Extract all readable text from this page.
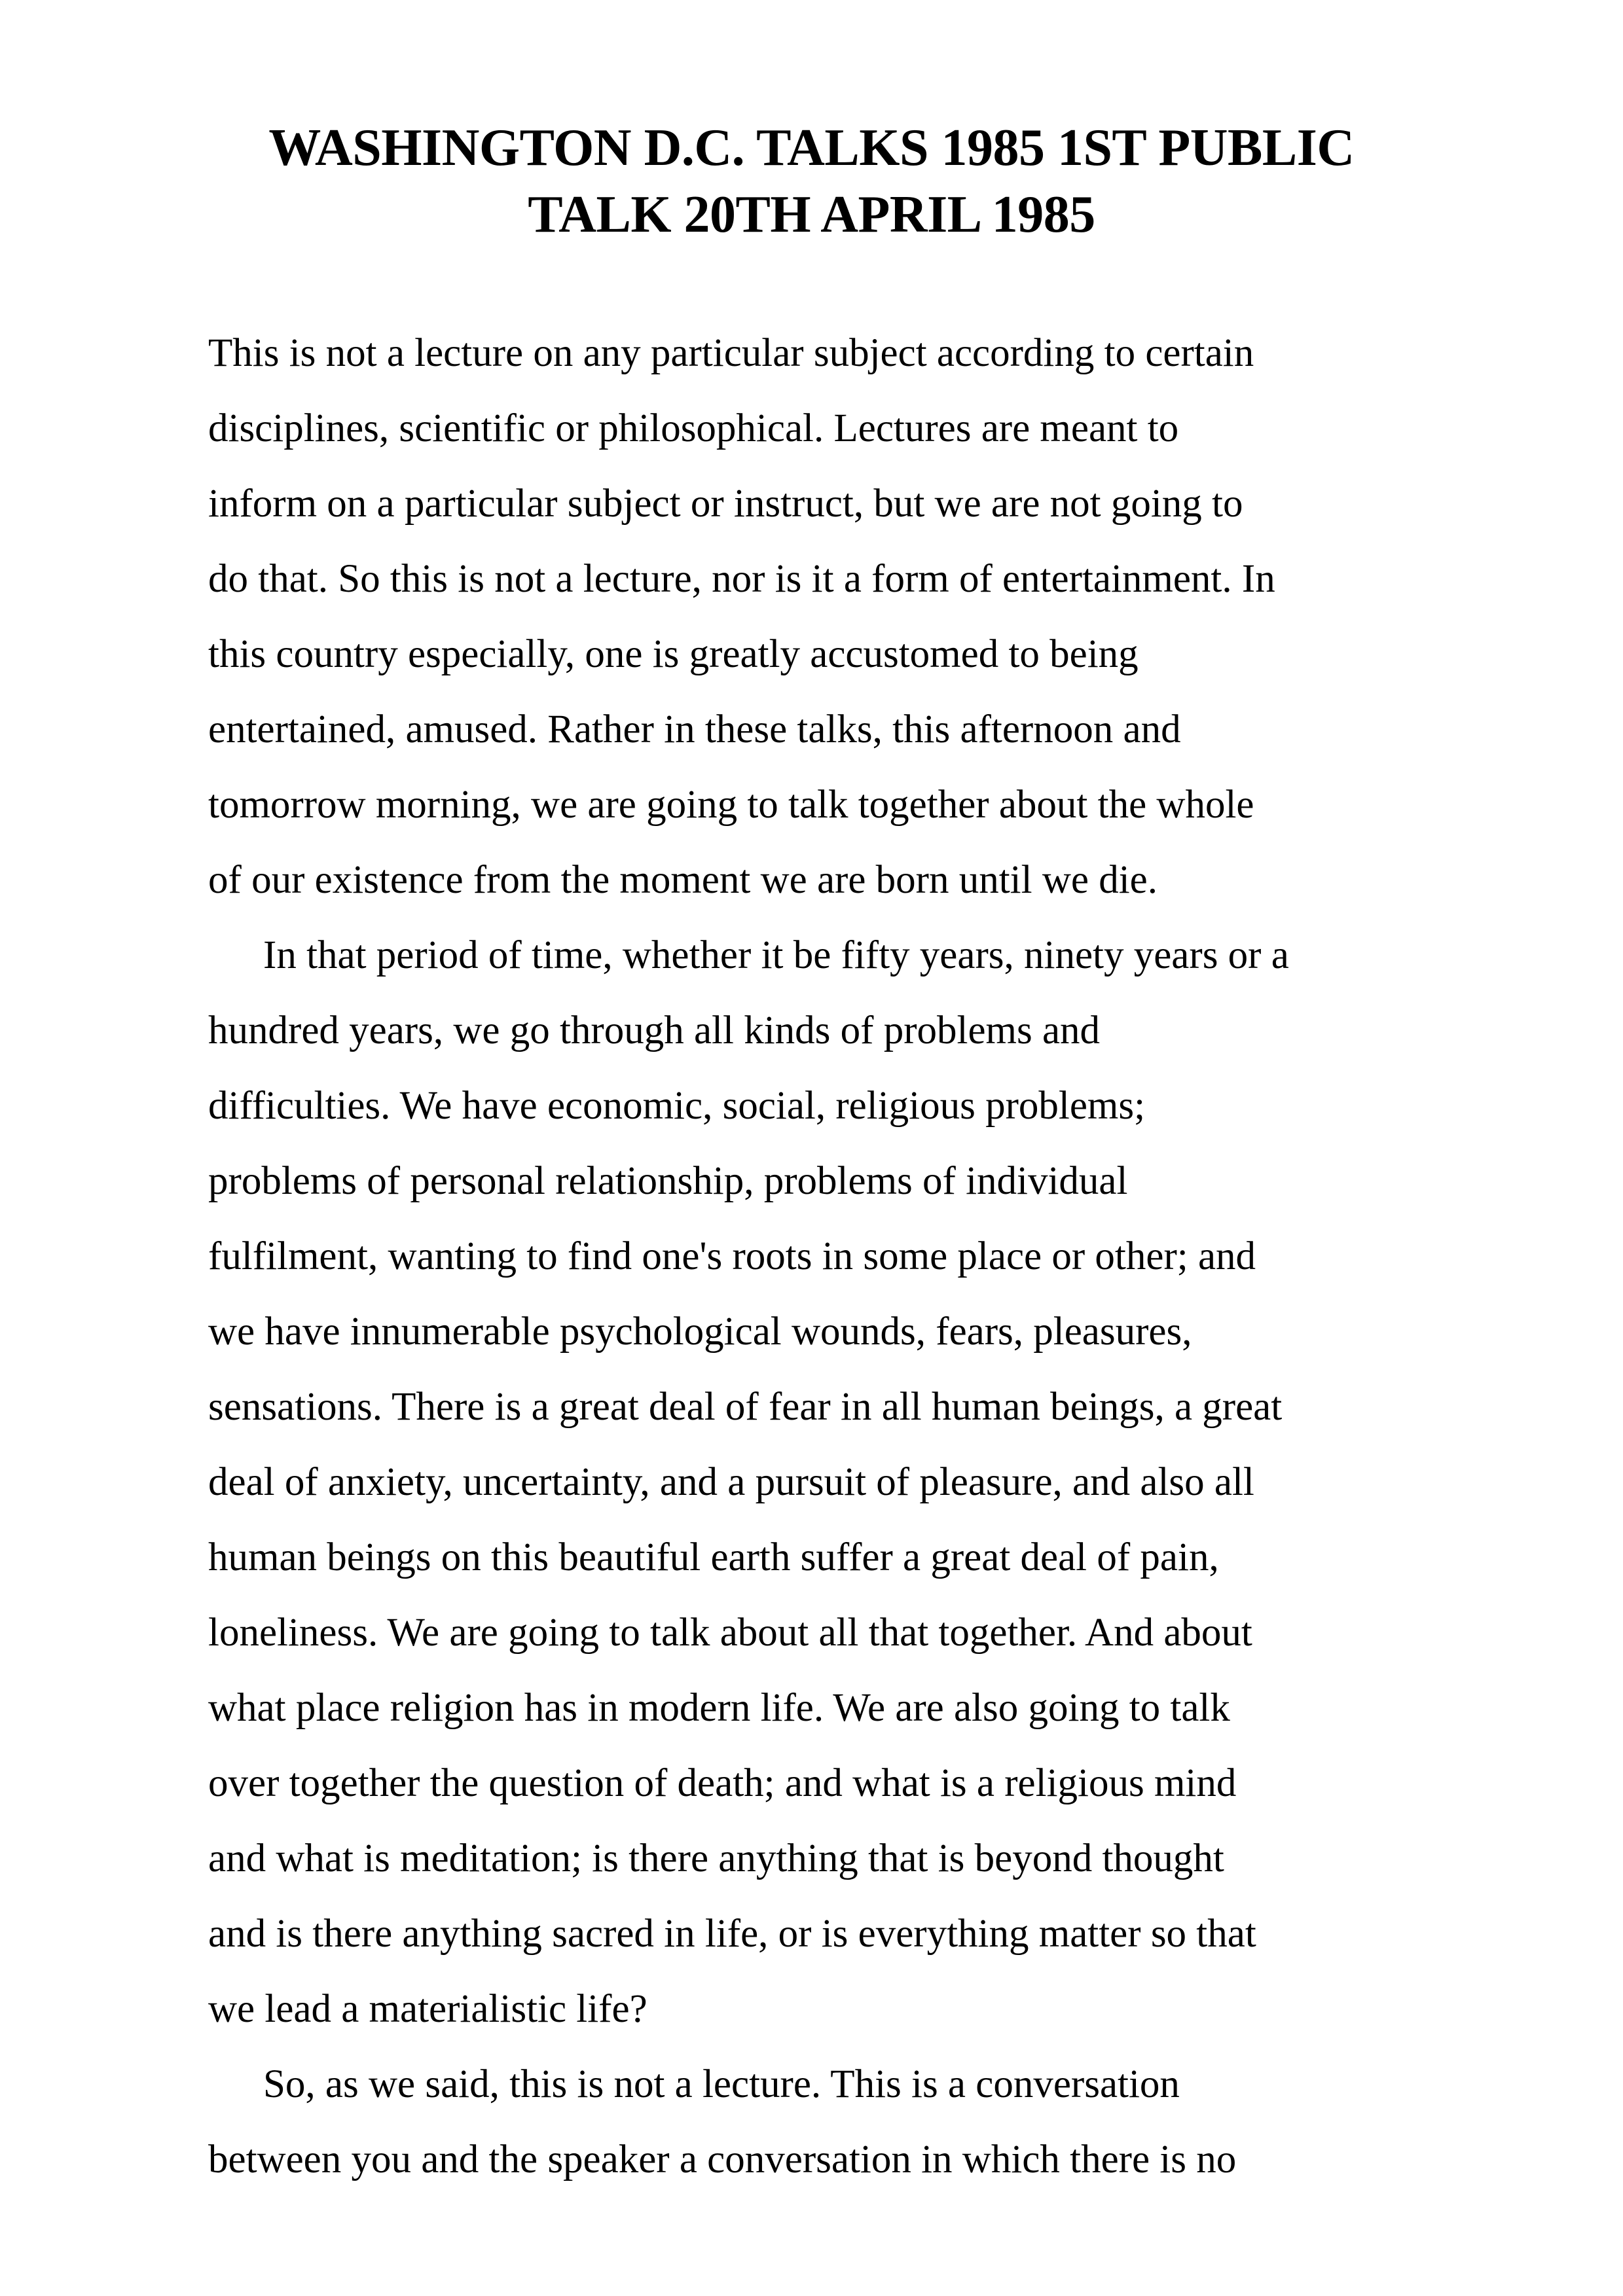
WASHINGTON D.C. TALKS 1985 1ST PUBLIC
TALK 20TH APRIL 1985
This is not a lecture on any particular subject according to certain
disciplines, scientific or philosophical. Lectures are meant to
inform on a particular subject or instruct, but we are not going to
do that. So this is not a lecture, nor is it a form of entertainment. In
this country especially, one is greatly accustomed to being
entertained, amused. Rather in these talks, this afternoon and
tomorrow morning, we are going to talk together about the whole
of our existence from the moment we are born until we die.
In that period of time, whether it be fifty years, ninety years or a
hundred years, we go through all kinds of problems and
difficulties. We have economic, social, religious problems;
problems of personal relationship, problems of individual
fulfilment, wanting to find one's roots in some place or other; and
we have innumerable psychological wounds, fears, pleasures,
sensations. There is a great deal of fear in all human beings, a great
deal of anxiety, uncertainty, and a pursuit of pleasure, and also all
human beings on this beautiful earth suffer a great deal of pain,
loneliness. We are going to talk about all that together. And about
what place religion has in modern life. We are also going to talk
over together the question of death; and what is a religious mind
and what is meditation; is there anything that is beyond thought
and is there anything sacred in life, or is everything matter so that
we lead a materialistic life?
So, as we said, this is not a lecture. This is a conversation
between you and the speaker a conversation in which there is no
